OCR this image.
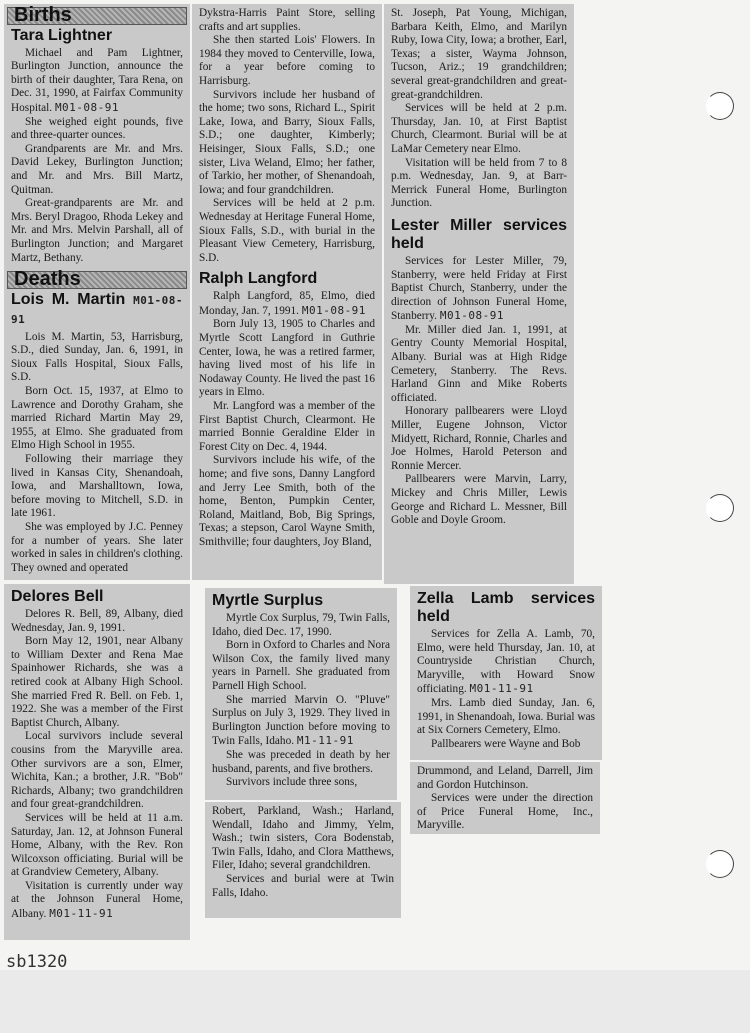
Births
Tara Lightner

Michael and Pam Lightner, Burlington Junction, announce the birth of their daughter, Tara Rena, on Dec. 31, 1990, at Fairfax Community Hospital. M01-08-91

She weighed eight pounds, five and three-quarter ounces.

Grandparents are Mr. and Mrs. David Lekey, Burlington Junction; and Mr. and Mrs. Bill Martz, Quitman.

Great-grandparents are Mr. and Mrs. Beryl Dragoo, Rhoda Lekey and Mr. and Mrs. Melvin Parshall, all of Burlington Junction; and Margaret Martz, Bethany.

Deaths
Lois M. Martin M01-08-91

Lois M. Martin, 53, Harrisburg, S.D., died Sunday, Jan. 6, 1991, in Sioux Falls Hospital, Sioux Falls, S.D.

Born Oct. 15, 1937, at Elmo to Lawrence and Dorothy Graham, she married Richard Martin May 29, 1955, at Elmo. She graduated from Elmo High School in 1955.

Following their marriage they lived in Kansas City, Shenandoah, Iowa, and Marshalltown, Iowa, before moving to Mitchell, S.D. in late 1961.

She was employed by J.C. Penney for a number of years. She later worked in sales in children's clothing. They owned and operated

Dykstra-Harris Paint Store, selling crafts and art supplies.

She then started Lois' Flowers. In 1984 they moved to Centerville, Iowa, for a year before coming to Harrisburg.

Survivors include her husband of the home; two sons, Richard L., Spirit Lake, Iowa, and Barry, Sioux Falls, S.D.; one daughter, Kimberly; Heisinger, Sioux Falls, S.D.; one sister, Liva Weland, Elmo; her father, of Tarkio, her mother, of Shenandoah, Iowa; and four grandchildren.

Services will be held at 2 p.m. Wednesday at Heritage Funeral Home, Sioux Falls, S.D., with burial in the Pleasant View Cemetery, Harrisburg, S.D.

Ralph Langford

Ralph Langford, 85, Elmo, died Monday, Jan. 7, 1991. M01-08-91

Born July 13, 1905 to Charles and Myrtle Scott Langford in Guthrie Center, Iowa, he was a retired farmer, having lived most of his life in Nodaway County. He lived the past 16 years in Elmo.

Mr. Langford was a member of the First Baptist Church, Clearmont. He married Bonnie Geraldine Elder in Forest City on Dec. 4, 1944.

Survivors include his wife, of the home; and five sons, Danny Langford and Jerry Lee Smith, both of the home, Benton, Pumpkin Center, Roland, Maitland, Bob, Big Springs, Texas; a stepson, Carol Wayne Smith, Smithville; four daughters, Joy Bland,

St. Joseph, Pat Young, Michigan, Barbara Keith, Elmo, and Marilyn Ruby, Iowa City, Iowa; a brother, Earl, Texas; a sister, Wayma Johnson, Tucson, Ariz.; 19 grandchildren; several great-grandchildren and great-great-grandchildren.

Services will be held at 2 p.m. Thursday, Jan. 10, at First Baptist Church, Clearmont. Burial will be at LaMar Cemetery near Elmo.

Visitation will be held from 7 to 8 p.m. Wednesday, Jan. 9, at Barr-Merrick Funeral Home, Burlington Junction.

Lester Miller services held

Services for Lester Miller, 79, Stanberry, were held Friday at First Baptist Church, Stanberry, under the direction of Johnson Funeral Home, Stanberry. M01-08-91

Mr. Miller died Jan. 1, 1991, at Gentry County Memorial Hospital, Albany. Burial was at High Ridge Cemetery, Stanberry. The Revs. Harland Ginn and Mike Roberts officiated.

Honorary pallbearers were Lloyd Miller, Eugene Johnson, Victor Midyett, Richard, Ronnie, Charles and Joe Holmes, Harold Peterson and Ronnie Mercer.

Pallbearers were Marvin, Larry, Mickey and Chris Miller, Lewis George and Richard L. Messner, Bill Goble and Doyle Groom.

Delores Bell

Delores R. Bell, 89, Albany, died Wednesday, Jan. 9, 1991.

Born May 12, 1901, near Albany to William Dexter and Rena Mae Spainhower Richards, she was a retired cook at Albany High School. She married Fred R. Bell. on Feb. 1, 1922. She was a member of the First Baptist Church, Albany.

Local survivors include several cousins from the Maryville area. Other survivors are a son, Elmer, Wichita, Kan.; a brother, J.R. "Bob" Richards, Albany; two grandchildren and four great-grandchildren.

Services will be held at 11 a.m. Saturday, Jan. 12, at Johnson Funeral Home, Albany, with the Rev. Ron Wilcoxson officiating. Burial will be at Grandview Cemetery, Albany.

Visitation is currently under way at the Johnson Funeral Home, Albany. M01-11-91

Myrtle Surplus

Myrtle Cox Surplus, 79, Twin Falls, Idaho, died Dec. 17, 1990.

Born in Oxford to Charles and Nora Wilson Cox, the family lived many years in Parnell. She graduated from Parnell High School.

She married Marvin O. "Pluve" Surplus on July 3, 1929. They lived in Burlington Junction before moving to Twin Falls, Idaho. M1-11-91

She was preceded in death by her husband, parents, and five brothers.

Survivors include three sons,

Robert, Parkland, Wash.; Harland, Wendall, Idaho and Jimmy, Yelm, Wash.; twin sisters, Cora Bodenstab, Twin Falls, Idaho, and Clora Matthews, Filer, Idaho; several grandchildren.

Services and burial were at Twin Falls, Idaho.

Zella Lamb services held

Services for Zella A. Lamb, 70, Elmo, were held Thursday, Jan. 10, at Countryside Christian Church, Maryville, with Howard Snow officiating. M01-11-91

Mrs. Lamb died Sunday, Jan. 6, 1991, in Shenandoah, Iowa. Burial was at Six Corners Cemetery, Elmo.

Pallbearers were Wayne and Bob

Drummond, and Leland, Darrell, Jim and Gordon Hutchinson.

Services were under the direction of Price Funeral Home, Inc., Maryville.

sb1320
